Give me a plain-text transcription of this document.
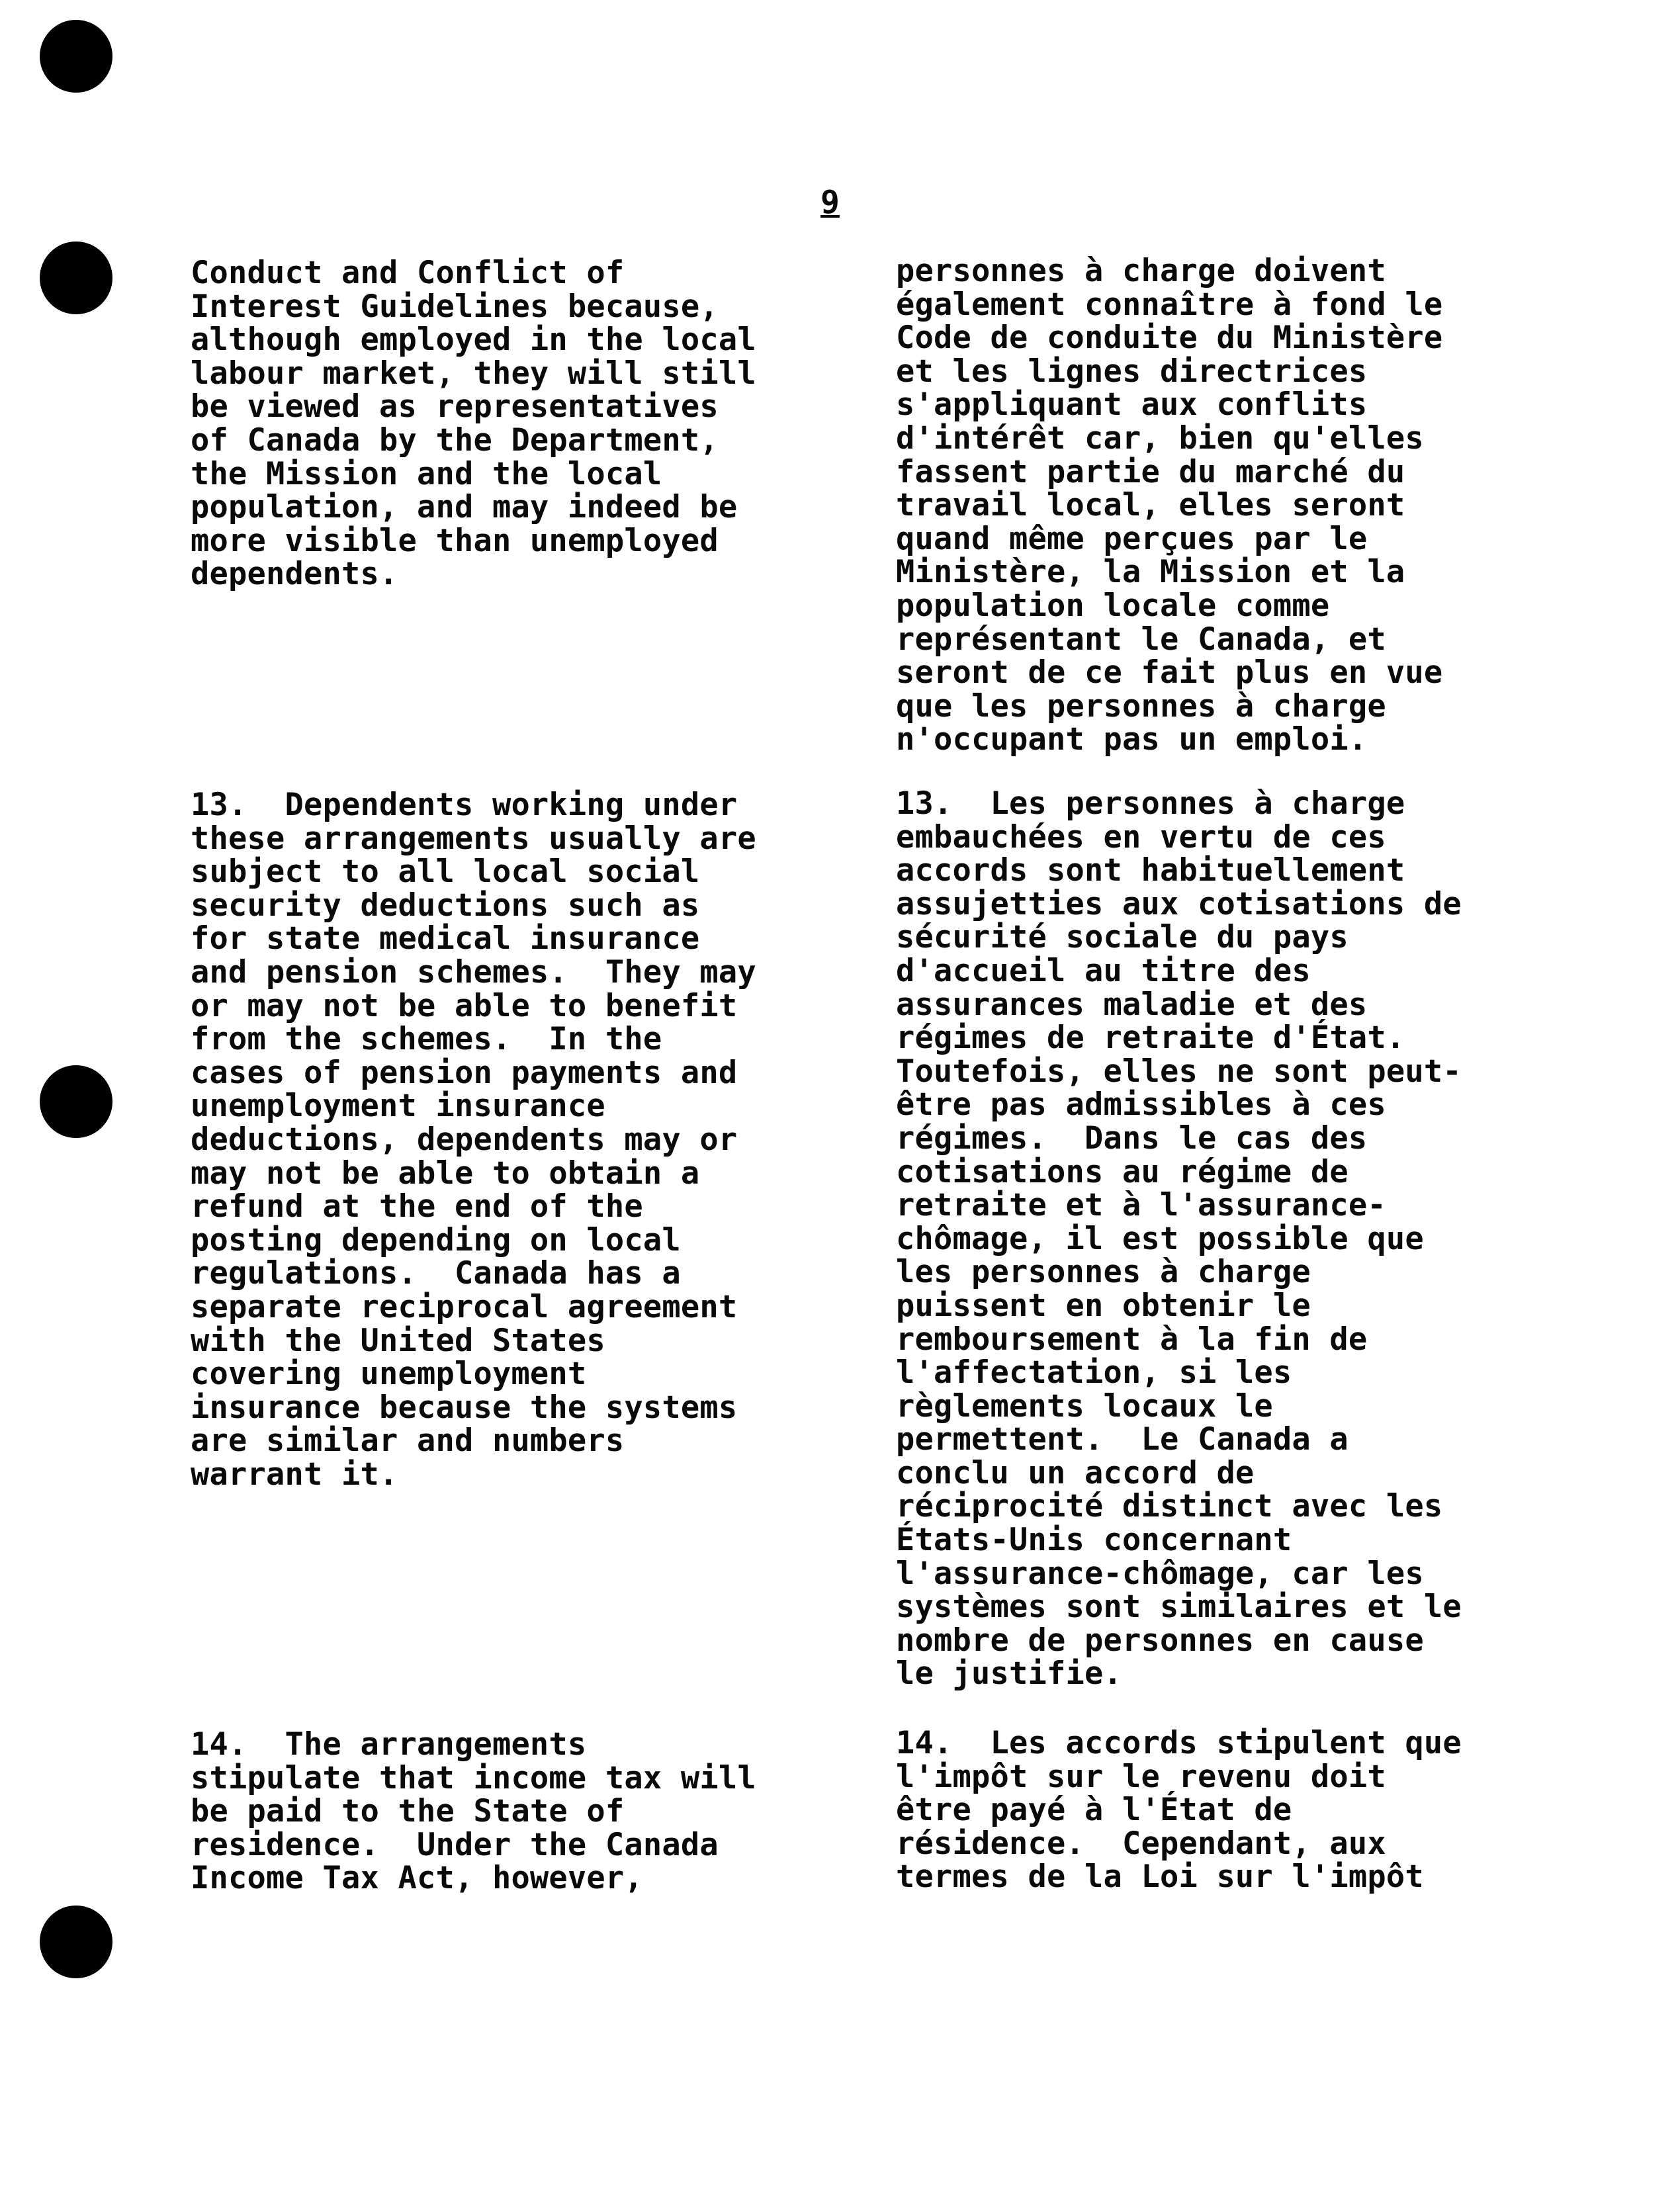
9
Conduct and Conflict of
Interest Guidelines because,
although employed in the local
labour market, they will still
be viewed as representatives
of Canada by the Department,
the Mission and the local
population, and may indeed be
more visible than unemployed
dependents.
13.  Dependents working under
these arrangements usually are
subject to all local social
security deductions such as
for state medical insurance
and pension schemes.  They may
or may not be able to benefit
from the schemes.  In the
cases of pension payments and
unemployment insurance
deductions, dependents may or
may not be able to obtain a
refund at the end of the
posting depending on local
regulations.  Canada has a
separate reciprocal agreement
with the United States
covering unemployment
insurance because the systems
are similar and numbers
warrant it.
14.  The arrangements
stipulate that income tax will
be paid to the State of
residence.  Under the Canada
Income Tax Act, however,
personnes à charge doivent
également connaître à fond le
Code de conduite du Ministère
et les lignes directrices
s'appliquant aux conflits
d'intérêt car, bien qu'elles
fassent partie du marché du
travail local, elles seront
quand même perçues par le
Ministère, la Mission et la
population locale comme
représentant le Canada, et
seront de ce fait plus en vue
que les personnes à charge
n'occupant pas un emploi.
13.  Les personnes à charge
embauchées en vertu de ces
accords sont habituellement
assujetties aux cotisations de
sécurité sociale du pays
d'accueil au titre des
assurances maladie et des
régimes de retraite d'État.
Toutefois, elles ne sont peut-
être pas admissibles à ces
régimes.  Dans le cas des
cotisations au régime de
retraite et à l'assurance-
chômage, il est possible que
les personnes à charge
puissent en obtenir le
remboursement à la fin de
l'affectation, si les
règlements locaux le
permettent.  Le Canada a
conclu un accord de
réciprocité distinct avec les
États-Unis concernant
l'assurance-chômage, car les
systèmes sont similaires et le
nombre de personnes en cause
le justifie.
14.  Les accords stipulent que
l'impôt sur le revenu doit
être payé à l'État de
résidence.  Cependant, aux
termes de la Loi sur l'impôt
